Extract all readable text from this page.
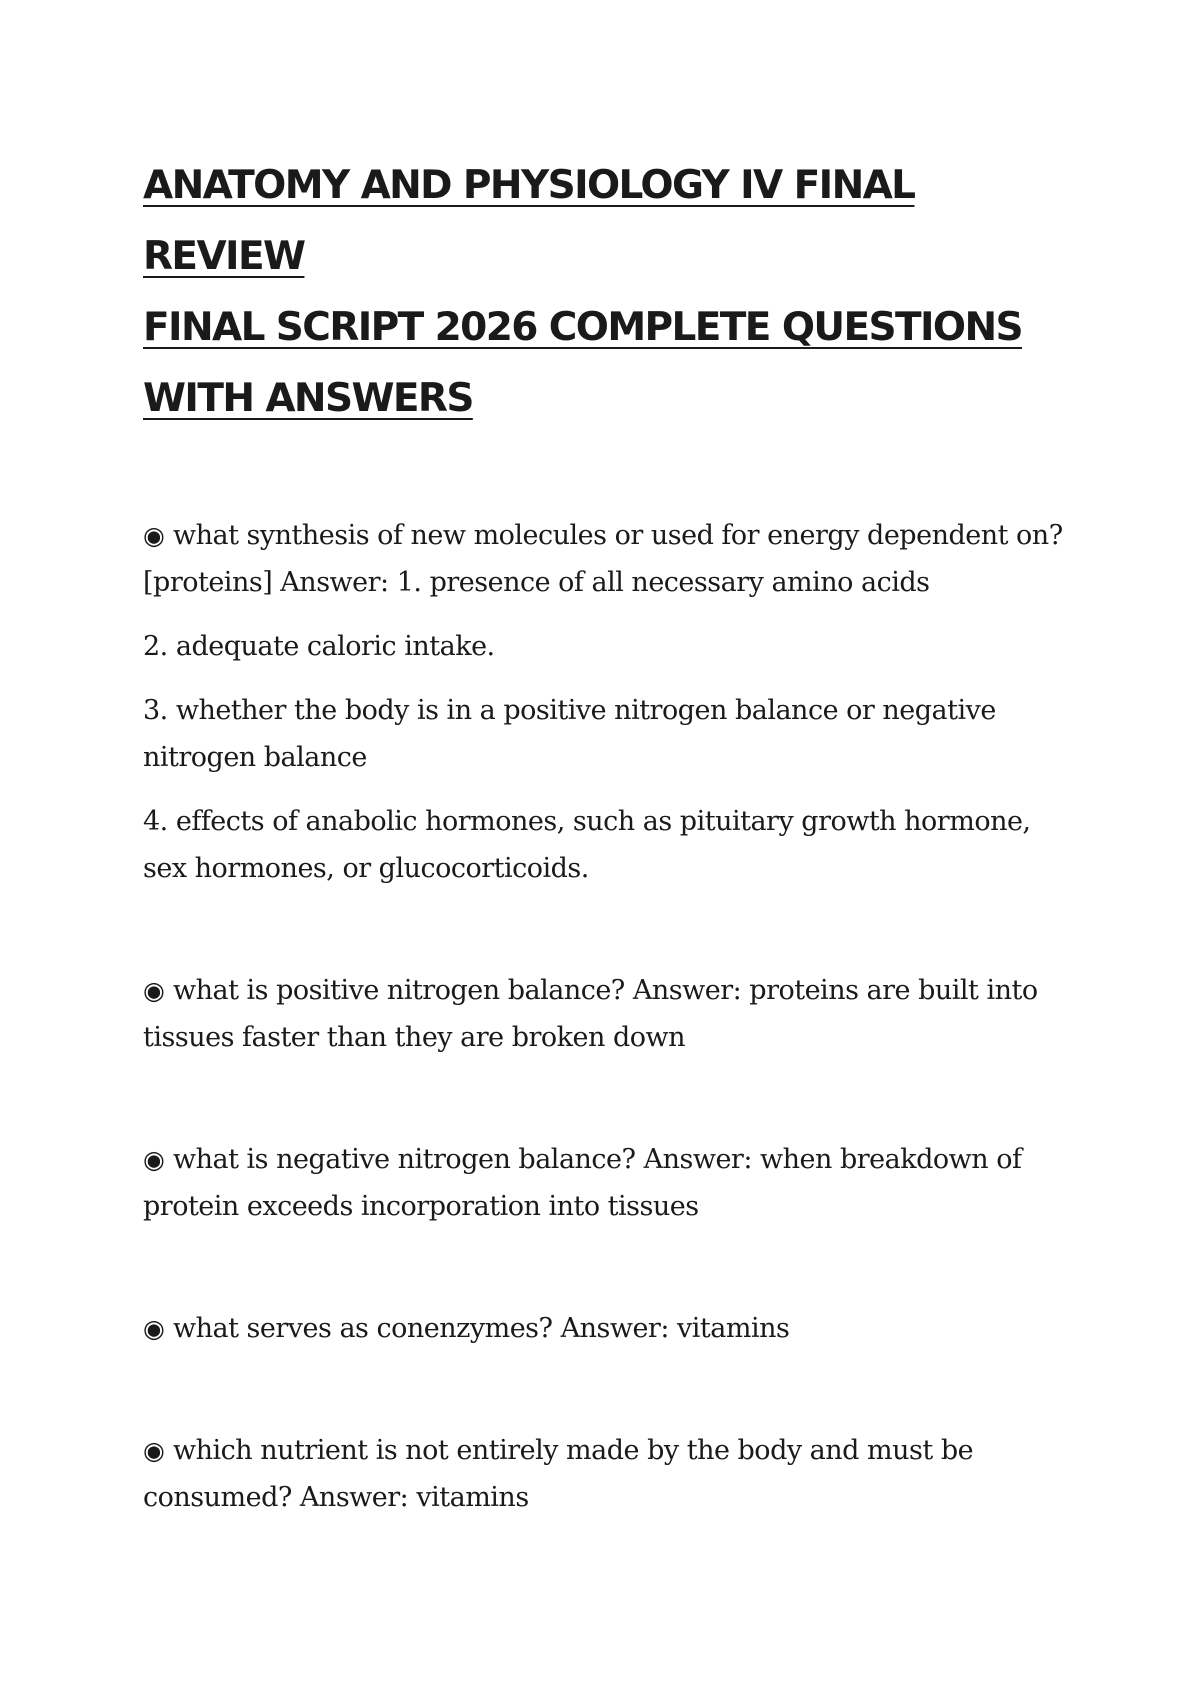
ANATOMY AND PHYSIOLOGY IV FINAL REVIEW
FINAL SCRIPT 2026 COMPLETE QUESTIONS
WITH ANSWERS

◉ what synthesis of new molecules or used for energy dependent on? [proteins] Answer: 1. presence of all necessary amino acids

2. adequate caloric intake.

3. whether the body is in a positive nitrogen balance or negative nitrogen balance

4. effects of anabolic hormones, such as pituitary growth hormone, sex hormones, or glucocorticoids.

◉ what is positive nitrogen balance? Answer: proteins are built into tissues faster than they are broken down

◉ what is negative nitrogen balance? Answer: when breakdown of protein exceeds incorporation into tissues

◉ what serves as conenzymes? Answer: vitamins

◉ which nutrient is not entirely made by the body and must be consumed? Answer: vitamins
